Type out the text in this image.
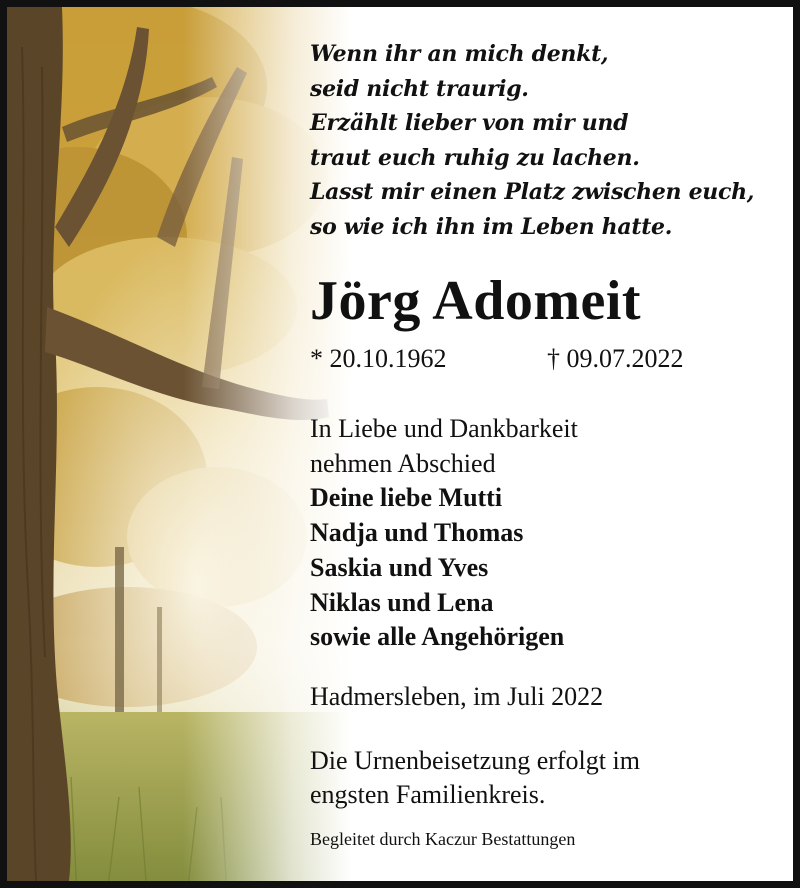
Wenn ihr an mich denkt,
seid nicht traurig.
Erzählt lieber von mir und
traut euch ruhig zu lachen.
Lasst mir einen Platz zwischen euch,
so wie ich ihn im Leben hatte.
Jörg Adomeit
* 20.10.1962	† 09.07.2022
In Liebe und Dankbarkeit
nehmen Abschied
Deine liebe Mutti
Nadja und Thomas
Saskia und Yves
Niklas und Lena
sowie alle Angehörigen
Hadmersleben, im Juli 2022
Die Urnenbeisetzung erfolgt im
engsten Familienkreis.
Begleitet durch Kaczur Bestattungen
